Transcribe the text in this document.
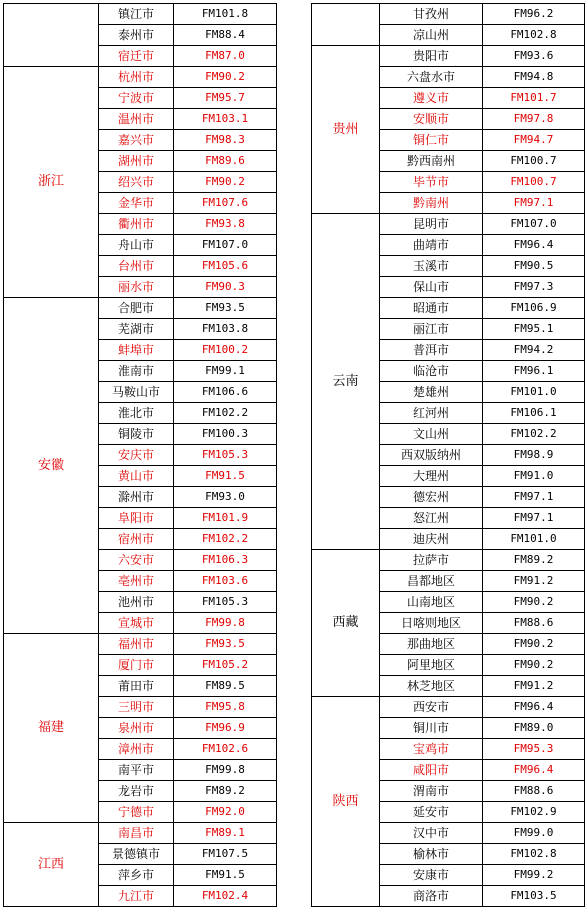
	镇江市	FM101.8
	泰州市	FM88.4
	宿迁市	FM87.0
浙江	杭州市	FM90.2
	宁波市	FM95.7
	温州市	FM103.1
	嘉兴市	FM98.3
	湖州市	FM89.6
	绍兴市	FM90.2
	金华市	FM107.6
	衢州市	FM93.8
	舟山市	FM107.0
	台州市	FM105.6
	丽水市	FM90.3
安徽	合肥市	FM93.5
	芜湖市	FM103.8
	蚌埠市	FM100.2
	淮南市	FM99.1
	马鞍山市	FM106.6
	淮北市	FM102.2
	铜陵市	FM100.3
	安庆市	FM105.3
	黄山市	FM91.5
	滁州市	FM93.0
	阜阳市	FM101.9
	宿州市	FM102.2
	六安市	FM106.3
	亳州市	FM103.6
	池州市	FM105.3
	宣城市	FM99.8
福建	福州市	FM93.5
	厦门市	FM105.2
	莆田市	FM89.5
	三明市	FM95.8
	泉州市	FM96.9
	漳州市	FM102.6
	南平市	FM99.8
	龙岩市	FM89.2
	宁德市	FM92.0
江西	南昌市	FM89.1
	景德镇市	FM107.5
	萍乡市	FM91.5
	九江市	FM102.4
	甘孜州	FM96.2
	凉山州	FM102.8
贵州	贵阳市	FM93.6
	六盘水市	FM94.8
	遵义市	FM101.7
	安顺市	FM97.8
	铜仁市	FM94.7
	黔西南州	FM100.7
	毕节市	FM100.7
	黔南州	FM97.1
云南	昆明市	FM107.0
	曲靖市	FM96.4
	玉溪市	FM90.5
	保山市	FM97.3
	昭通市	FM106.9
	丽江市	FM95.1
	普洱市	FM94.2
	临沧市	FM96.1
	楚雄州	FM101.0
	红河州	FM106.1
	文山州	FM102.2
	西双版纳州	FM98.9
	大理州	FM91.0
	德宏州	FM97.1
	怒江州	FM97.1
	迪庆州	FM101.0
西藏	拉萨市	FM89.2
	昌都地区	FM91.2
	山南地区	FM90.2
	日喀则地区	FM88.6
	那曲地区	FM90.2
	阿里地区	FM90.2
	林芝地区	FM91.2
陕西	西安市	FM96.4
	铜川市	FM89.0
	宝鸡市	FM95.3
	咸阳市	FM96.4
	渭南市	FM88.6
	延安市	FM102.9
	汉中市	FM99.0
	榆林市	FM102.8
	安康市	FM99.2
	商洛市	FM103.5
